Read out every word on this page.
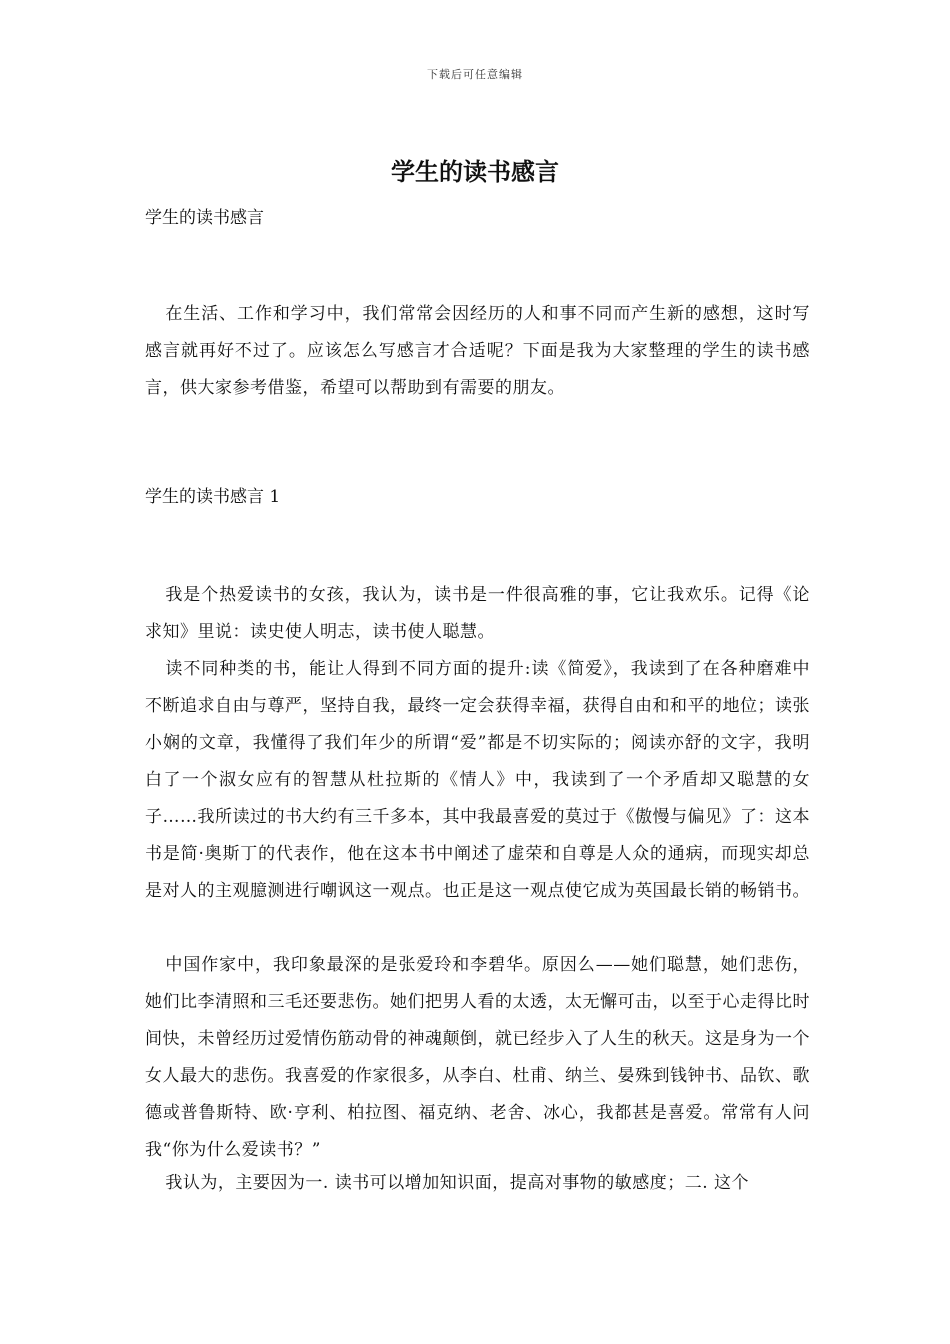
下载后可任意编辑
学生的读书感言

学生的读书感言

在生活、工作和学习中，我们常常会因经历的人和事不同而产生新的感想，这时写感言就再好不过了。应该怎么写感言才合适呢？下面是我为大家整理的学生的读书感言，供大家参考借鉴，希望可以帮助到有需要的朋友。

学生的读书感言 1

我是个热爱读书的女孩，我认为，读书是一件很高雅的事，它让我欢乐。记得《论求知》里说：读史使人明志，读书使人聪慧。

读不同种类的书，能让人得到不同方面的提升:读《简爱》，我读到了在各种磨难中不断追求自由与尊严，坚持自我，最终一定会获得幸福，获得自由和和平的地位；读张小娴的文章，我懂得了我们年少的所谓“爱”都是不切实际的；阅读亦舒的文字，我明白了一个淑女应有的智慧从杜拉斯的《情人》中，我读到了一个矛盾却又聪慧的女子……我所读过的书大约有三千多本，其中我最喜爱的莫过于《傲慢与偏见》了：这本书是简·奥斯丁的代表作，他在这本书中阐述了虚荣和自尊是人众的通病，而现实却总是对人的主观臆测进行嘲讽这一观点。也正是这一观点使它成为英国最长销的畅销书。

中国作家中，我印象最深的是张爱玲和李碧华。原因么——她们聪慧，她们悲伤，她们比李清照和三毛还要悲伤。她们把男人看的太透，太无懈可击，以至于心走得比时间快，未曾经历过爱情伤筋动骨的神魂颠倒，就已经步入了人生的秋天。这是身为一个女人最大的悲伤。我喜爱的作家很多，从李白、杜甫、纳兰、晏殊到钱钟书、品钦、歌德或普鲁斯特、欧·亨利、柏拉图、福克纳、老舍、冰心，我都甚是喜爱。常常有人问我“你为什么爱读书？”

我认为，主要因为一. 读书可以增加知识面，提高对事物的敏感度；二. 这个
